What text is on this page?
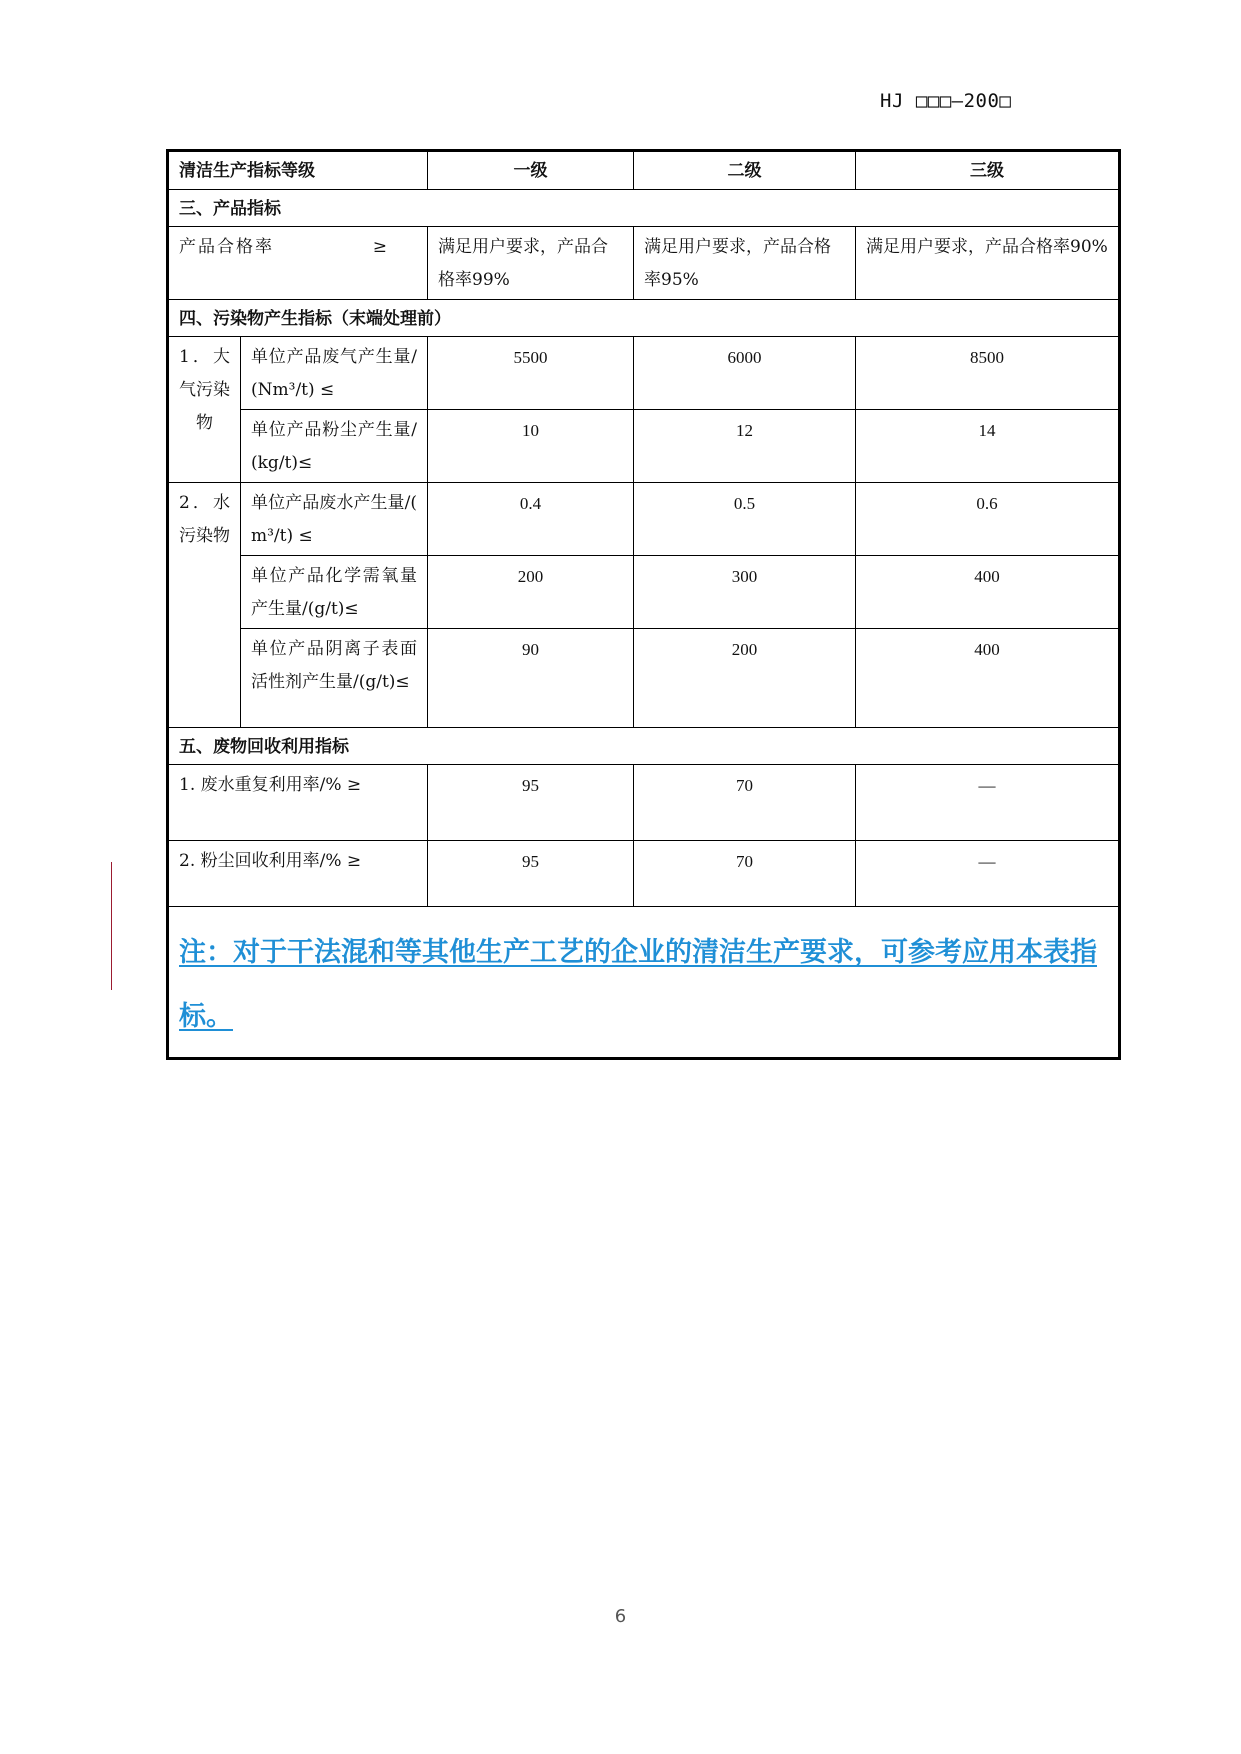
HJ □□□—200□
清洁生产指标等级		一级	二级	三级
三、产品指标				
产品合格率 ≥		满足用户要求，产品合格率99%	满足用户要求，产品合格率95%	满足用户要求，产品合格率90%
四、污染物产生指标（末端处理前）				
1．大气污染物	单位产品废气产生量/(Nm³/t) ≤	5500	6000	8500
	单位产品粉尘产生量/ (kg/t)≤	10	12	14
2．水污染物	单位产品废水产生量/( m³/t) ≤	0.4	0.5	0.6
	单位产品化学需氧量产生量/(g/t)≤	200	300	400
	单位产品阴离子表面活性剂产生量/(g/t)≤	90	200	400
五、废物回收利用指标				
1. 废水重复利用率/% ≥		95	70	—
2. 粉尘回收利用率/% ≥		95	70	—
注：对于干法混和等其他生产工艺的企业的清洁生产要求，可参考应用本表指标。				
6
